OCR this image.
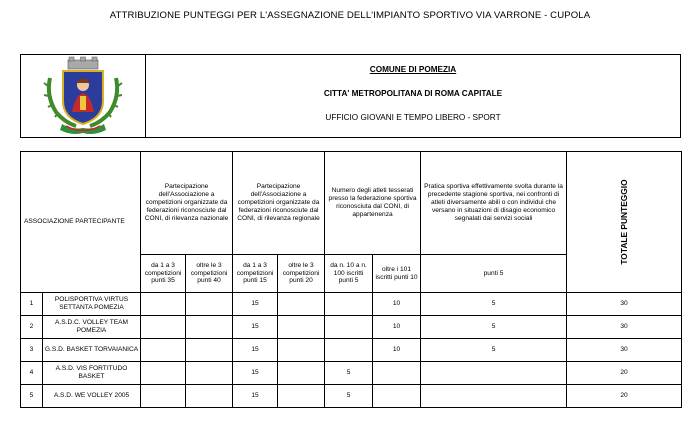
ATTRIBUZIONE PUNTEGGI PER L'ASSEGNAZIONE DELL'IMPIANTO SPORTIVO VIA VARRONE - CUPOLA
COMUNE DI POMEZIA
CITTA' METROPOLITANA DI ROMA CAPITALE
UFFICIO GIOVANI E TEMPO LIBERO - SPORT
ASSOCIAZIONE PARTECIPANTE		Partecipazione dell'Associazione a competizioni organizzate da federazioni riconosciute dal CONI, di rilevanza nazionale		Partecipazione dell'Associazione a competizioni organizzate da federazioni riconosciute dal CONI, di rilevanza regionale		Numero degli atleti tesserati presso la federazione sportiva riconosciuta dal CONI, di appartenenza		Pratica sportiva effettivamente svolta durante la precedente stagione sportiva, nei confronti di atleti diversamente abili o con individui che versano in situazioni di disagio economico segnalati dai servizi sociali	TOTALE PUNTEGGIO

		da 1 a 3 competizioni punti 35	oltre le 3 competizioni punti 40	da 1 a 3 competizioni punti 15	oltre le 3 competizioni punti 20	da n. 10 a n. 100 iscritti punti 5	oltre i 101 iscritti punti 10	punti 5	
1	POLISPORTIVA VIRTUS SETTANTA POMEZIA			15			10	5	30
2	A.S.D.C. VOLLEY TEAM POMEZIA			15			10	5	30
3	G.S.D. BASKET TORVAIANICA			15			10	5	30
4	A.S.D. VIS FORTITUDO BASKET			15		5			20
5	A.S.D. WE VOLLEY 2005			15		5			20
